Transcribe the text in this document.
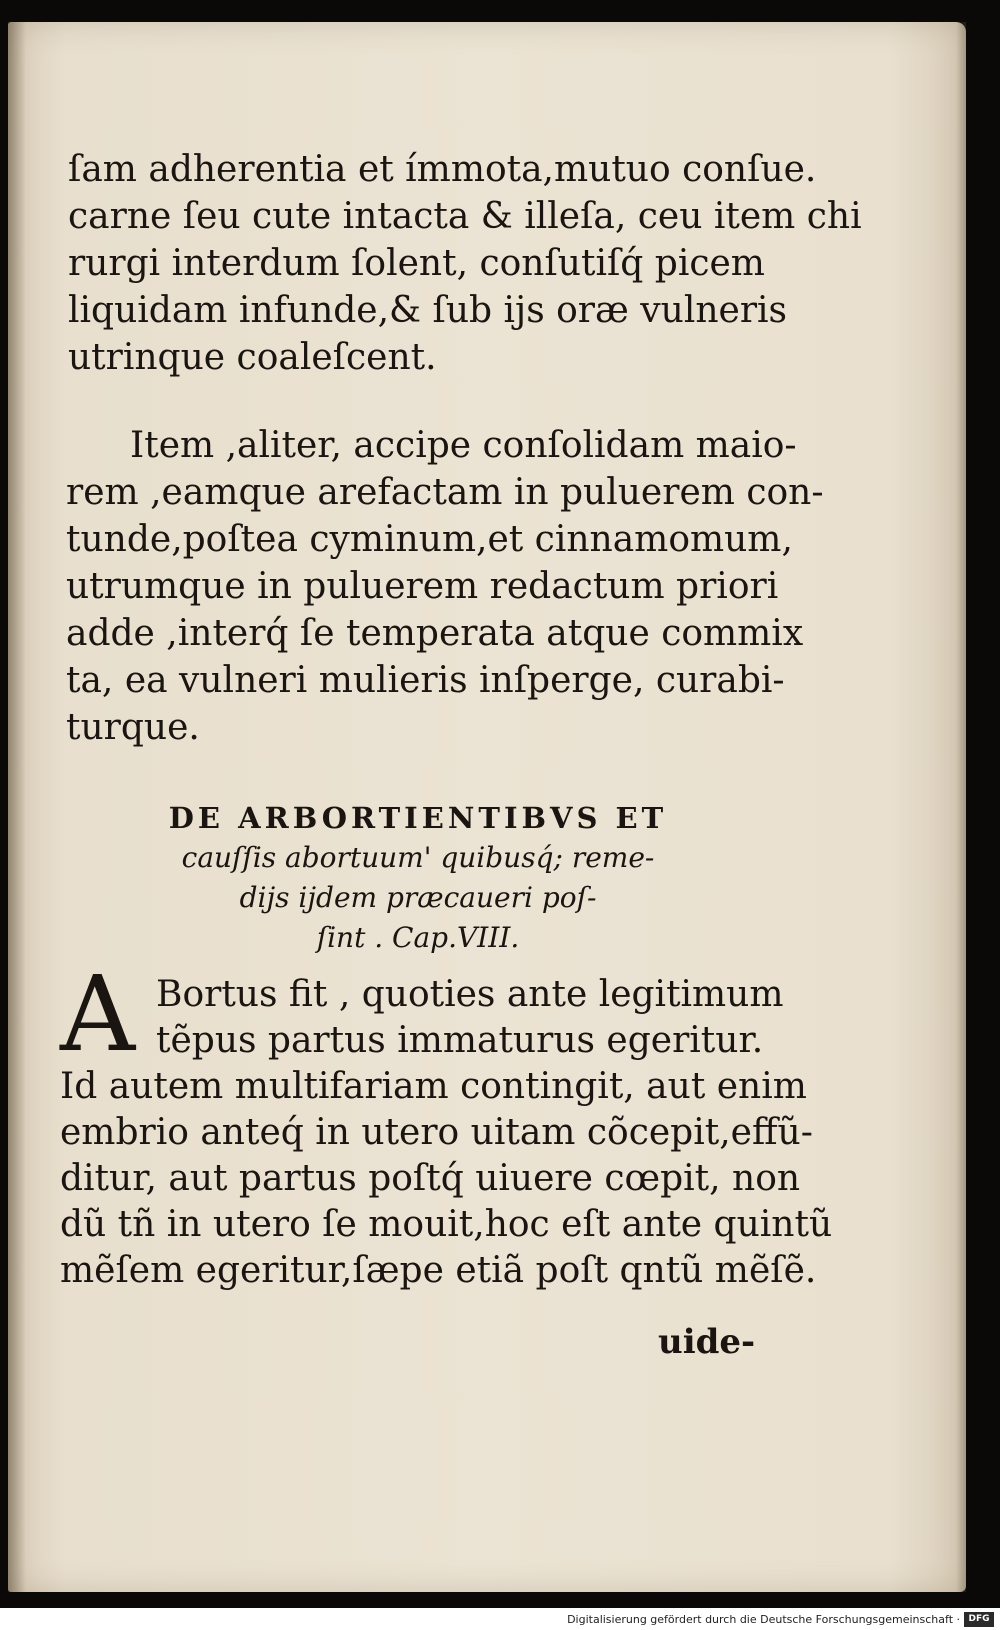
ſam adherentia et ímmota,mutuo conſue.
carne ſeu cute intacta & illeſa, ceu item chi
rurgi interdum ſolent, conſutiſq́ picem
liquidam infunde,& ſub ijs oræ vulneris
utrinque coaleſcent.
Item ,aliter, accipe conſolidam maio-
rem ,eamque arefactam in puluerem con-
tunde,poſtea cyminum,et cinnamomum,
utrumque in puluerem redactum priori
adde ,interq́ ſe temperata atque commix
ta, ea vulneri mulieris inſperge, curabi-
turque.
DE ARBORTIENTIBVS ET
cauſſis abortuum' quibusq́; reme-
dijs ijdem præcaueri poſ-
ſint . Cap.VIII.
A Bortus fit , quoties ante legitimum
tẽpus partus immaturus egeritur.
Id autem multifariam contingit, aut enim
embrio anteq́ in utero uitam cõcepit,effũ-
ditur, aut partus poſtq́ uiuere cœpit, non
dũ tñ in utero ſe mouit,hoc eſt ante quintũ
mẽſem egeritur,ſæpe etiã poſt qntũ mẽſẽ.
uide-
Digitalisierung gefördert durch die Deutsche Forschungsgemeinschaft · DFG
